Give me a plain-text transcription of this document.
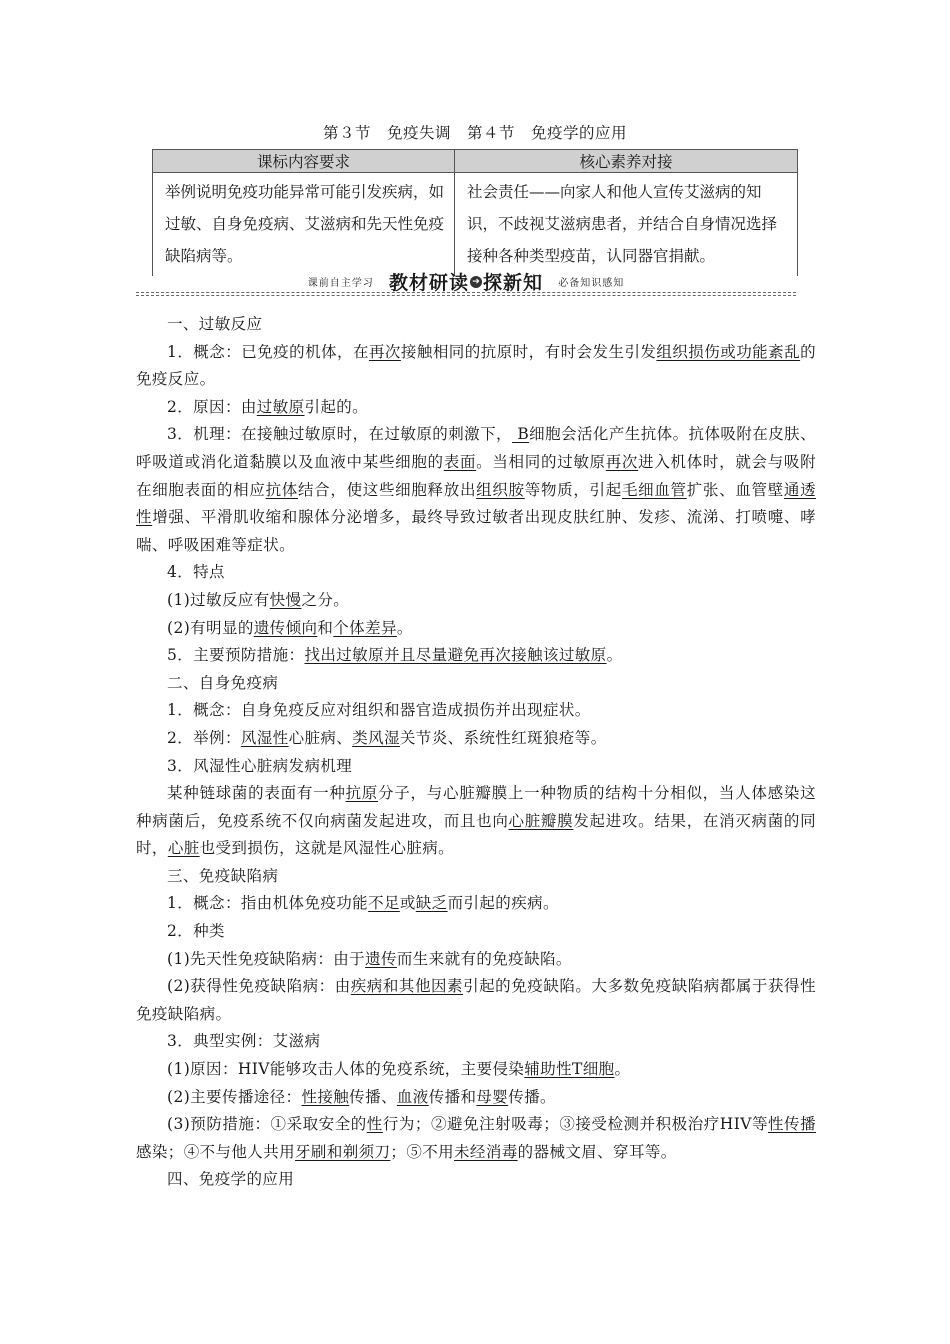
第３节　免疫失调　第４节　免疫学的应用
课标内容要求	核心素养对接
举例说明免疫功能异常可能引发疾病，如过敏、自身免疫病、艾滋病和先天性免疫缺陷病等。	社会责任——向家人和他人宣传艾滋病的知识，不歧视艾滋病患者，并结合自身情况选择接种各种类型疫苗，认同器官捐献。
课前自主学习 教材研读 ➔ 探新知 必备知识感知

一、过敏反应

1．概念：已免疫的机体，在再次接触相同的抗原时，有时会发生引发组织损伤或功能紊乱的免疫反应。

2．原因：由过敏原引起的。

3．机理：在接触过敏原时，在过敏原的刺激下， B细胞会活化产生抗体。抗体吸附在皮肤、呼吸道或消化道黏膜以及血液中某些细胞的表面。当相同的过敏原再次进入机体时，就会与吸附在细胞表面的相应抗体结合，使这些细胞释放出组织胺等物质，引起毛细血管扩张、血管壁通透性增强、平滑肌收缩和腺体分泌增多，最终导致过敏者出现皮肤红肿、发疹、流涕、打喷嚏、哮喘、呼吸困难等症状。

4．特点

(1)过敏反应有快慢之分。

(2)有明显的遗传倾向和个体差异。

5．主要预防措施：找出过敏原并且尽量避免再次接触该过敏原。

二、自身免疫病

1．概念：自身免疫反应对组织和器官造成损伤并出现症状。

2．举例：风湿性心脏病、类风湿关节炎、系统性红斑狼疮等。

3．风湿性心脏病发病机理

某种链球菌的表面有一种抗原分子，与心脏瓣膜上一种物质的结构十分相似，当人体感染这种病菌后，免疫系统不仅向病菌发起进攻，而且也向心脏瓣膜发起进攻。结果，在消灭病菌的同时，心脏也受到损伤，这就是风湿性心脏病。

三、免疫缺陷病

1．概念：指由机体免疫功能不足或缺乏而引起的疾病。

2．种类

(1)先天性免疫缺陷病：由于遗传而生来就有的免疫缺陷。

(2)获得性免疫缺陷病：由疾病和其他因素引起的免疫缺陷。大多数免疫缺陷病都属于获得性免疫缺陷病。

3．典型实例：艾滋病

(1)原因：HIV能够攻击人体的免疫系统，主要侵染辅助性T细胞。

(2)主要传播途径：性接触传播、血液传播和母婴传播。

(3)预防措施：①采取安全的性行为；②避免注射吸毒；③接受检测并积极治疗HIV等性传播感染；④不与他人共用牙刷和剃须刀；⑤不用未经消毒的器械文眉、穿耳等。

四、免疫学的应用
